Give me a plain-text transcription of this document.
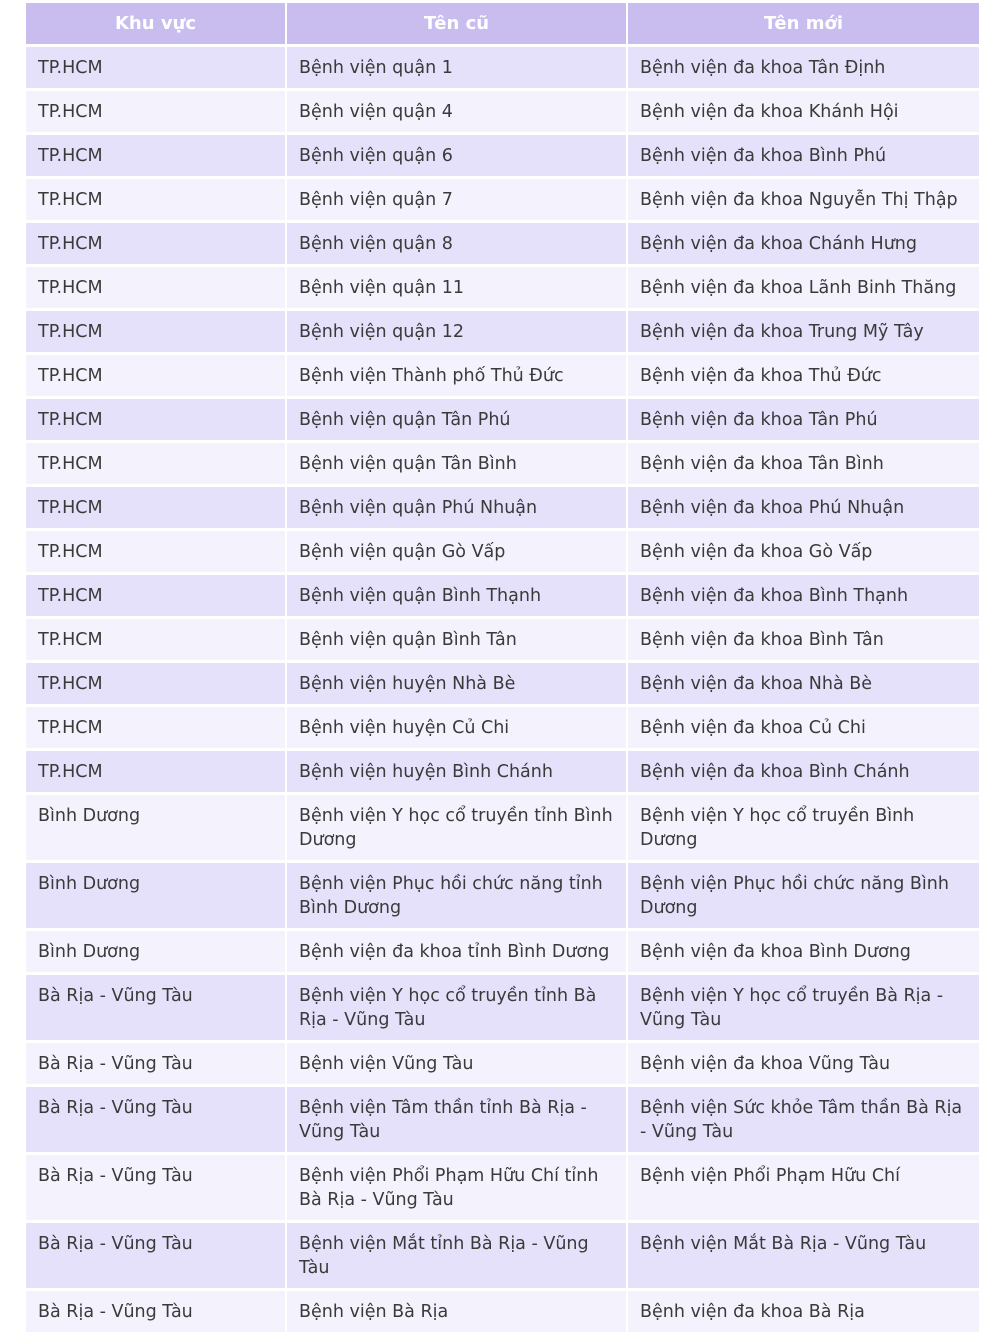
Khu vực	Tên cũ	Tên mới
TP.HCM	Bệnh viện quận 1	Bệnh viện đa khoa Tân Định
TP.HCM	Bệnh viện quận 4	Bệnh viện đa khoa Khánh Hội
TP.HCM	Bệnh viện quận 6	Bệnh viện đa khoa Bình Phú
TP.HCM	Bệnh viện quận 7	Bệnh viện đa khoa Nguyễn Thị Thập
TP.HCM	Bệnh viện quận 8	Bệnh viện đa khoa Chánh Hưng
TP.HCM	Bệnh viện quận 11	Bệnh viện đa khoa Lãnh Binh Thăng
TP.HCM	Bệnh viện quận 12	Bệnh viện đa khoa Trung Mỹ Tây
TP.HCM	Bệnh viện Thành phố Thủ Đức	Bệnh viện đa khoa Thủ Đức
TP.HCM	Bệnh viện quận Tân Phú	Bệnh viện đa khoa Tân Phú
TP.HCM	Bệnh viện quận Tân Bình	Bệnh viện đa khoa Tân Bình
TP.HCM	Bệnh viện quận Phú Nhuận	Bệnh viện đa khoa Phú Nhuận
TP.HCM	Bệnh viện quận Gò Vấp	Bệnh viện đa khoa Gò Vấp
TP.HCM	Bệnh viện quận Bình Thạnh	Bệnh viện đa khoa Bình Thạnh
TP.HCM	Bệnh viện quận Bình Tân	Bệnh viện đa khoa Bình Tân
TP.HCM	Bệnh viện huyện Nhà Bè	Bệnh viện đa khoa Nhà Bè
TP.HCM	Bệnh viện huyện Củ Chi	Bệnh viện đa khoa Củ Chi
TP.HCM	Bệnh viện huyện Bình Chánh	Bệnh viện đa khoa Bình Chánh
Bình Dương	Bệnh viện Y học cổ truyền tỉnh Bình Dương	Bệnh viện Y học cổ truyền Bình Dương
Bình Dương	Bệnh viện Phục hồi chức năng tỉnh Bình Dương	Bệnh viện Phục hồi chức năng Bình Dương
Bình Dương	Bệnh viện đa khoa tỉnh Bình Dương	Bệnh viện đa khoa Bình Dương
Bà Rịa - Vũng Tàu	Bệnh viện Y học cổ truyền tỉnh Bà Rịa - Vũng Tàu	Bệnh viện Y học cổ truyền Bà Rịa - Vũng Tàu
Bà Rịa - Vũng Tàu	Bệnh viện Vũng Tàu	Bệnh viện đa khoa Vũng Tàu
Bà Rịa - Vũng Tàu	Bệnh viện Tâm thần tỉnh Bà Rịa - Vũng Tàu	Bệnh viện Sức khỏe Tâm thần Bà Rịa - Vũng Tàu
Bà Rịa - Vũng Tàu	Bệnh viện Phổi Phạm Hữu Chí tỉnh Bà Rịa - Vũng Tàu	Bệnh viện Phổi Phạm Hữu Chí
Bà Rịa - Vũng Tàu	Bệnh viện Mắt tỉnh Bà Rịa - Vũng Tàu	Bệnh viện Mắt Bà Rịa - Vũng Tàu
Bà Rịa - Vũng Tàu	Bệnh viện Bà Rịa	Bệnh viện đa khoa Bà Rịa
